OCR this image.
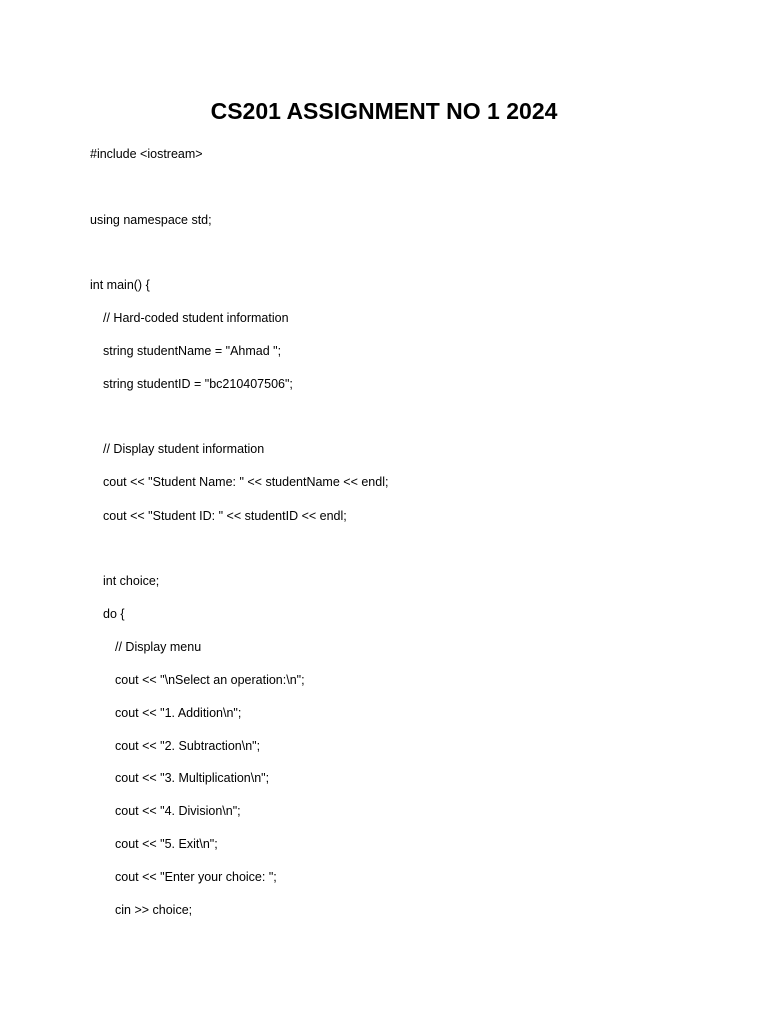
CS201 ASSIGNMENT NO 1 2024
#include <iostream>
using namespace std;
int main() {
// Hard-coded student information
string studentName = "Ahmad ";
string studentID = "bc210407506";
// Display student information
cout << "Student Name: " << studentName << endl;
cout << "Student ID: " << studentID << endl;
int choice;
do {
// Display menu
cout << "\nSelect an operation:\n";
cout << "1. Addition\n";
cout << "2. Subtraction\n";
cout << "3. Multiplication\n";
cout << "4. Division\n";
cout << "5. Exit\n";
cout << "Enter your choice: ";
cin >> choice;
